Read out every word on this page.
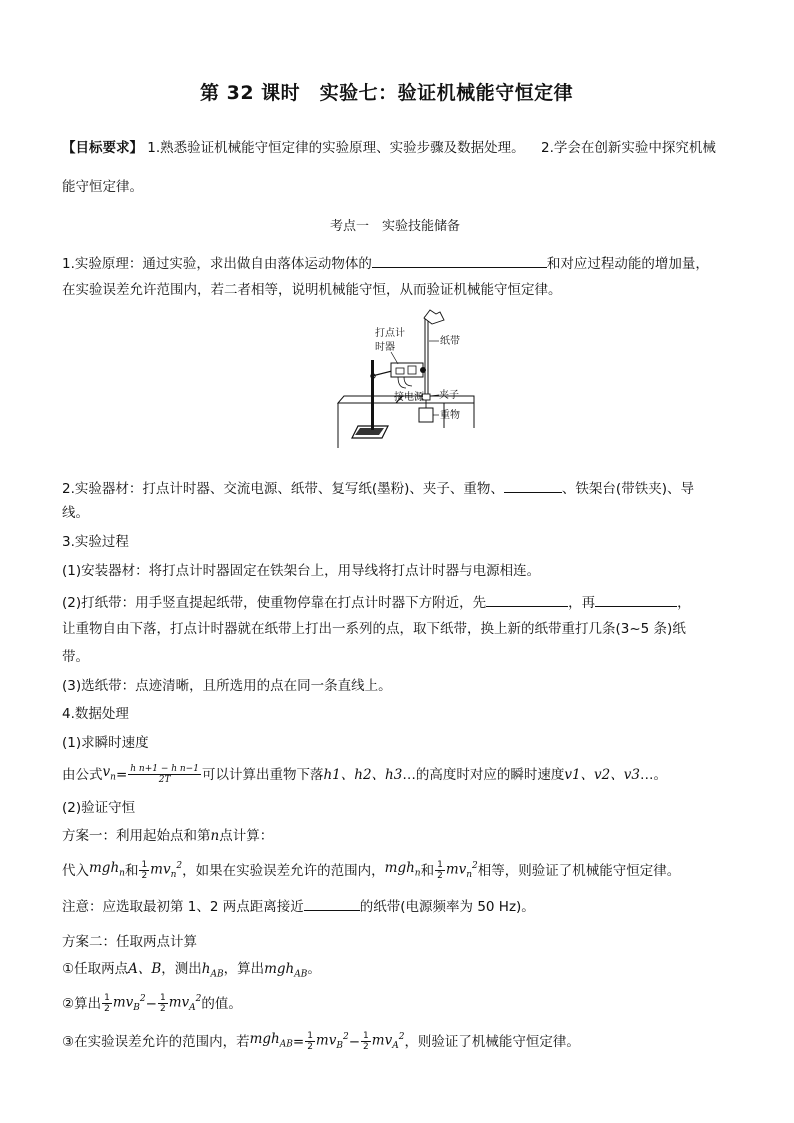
第 32 课时　实验七：验证机械能守恒定律
【目标要求】 1.熟悉验证机械能守恒定律的实验原理、实验步骤及数据处理。 2.学会在创新实验中探究机械
能守恒定律。
考点一　实验技能储备
1.实验原理：通过实验，求出做自由落体运动物体的	和对应过程动能的增加量，
在实验误差允许范围内，若二者相等，说明机械能守恒，从而验证机械能守恒定律。
打点计
时器
纸带
夹子
接电源
重物
2.实验器材：打点计时器、交流电源、纸带、复写纸(墨粉)、夹子、重物、	、铁架台(带铁夹)、导
线。
3.实验过程
(1)安装器材：将打点计时器固定在铁架台上，用导线将打点计时器与电源相连。
(2)打纸带：用手竖直提起纸带，使重物停靠在打点计时器下方附近，先	，再	，
让重物自由下落，打点计时器就在纸带上打出一系列的点，取下纸带，换上新的纸带重打几条(3~5 条)纸
带。
(3)选纸带：点迹清晰，且所选用的点在同一条直线上。
4.数据处理
(1)求瞬时速度
由公式 $v_n = \frac{\text{h n+1 − h n−1}}{2T}$ 可以计算出重物下落 h1、h2、h3 …的高度时对应的瞬时速度 v1、v2、v3 …。
(2)验证守恒
方案一：利用起始点和第n点计算：
代入 mgh$_n$ 和 $\frac{1}{2} mv_n^2$ ，如果在实验误差允许的范围内， mgh$_n$ 和 $\frac{1}{2} mv_n^2$ 相等，则验证了机械能守恒定律。
注意：应选取最初第 1、2 两点距离接近	的纸带(电源频率为 50 Hz)。
方案二：任取两点计算
①任取两点A、B，测出$h_{AB}$，算出mgh$_{AB}$。
②算出 $\frac{1}{2} mv_B^2 - \frac{1}{2} mv_A^2$ 的值。
③在实验误差允许的范围内，若 $mgh_{AB} = \frac{1}{2} mv_B^2 - \frac{1}{2} mv_A^2$ ，则验证了机械能守恒定律。
